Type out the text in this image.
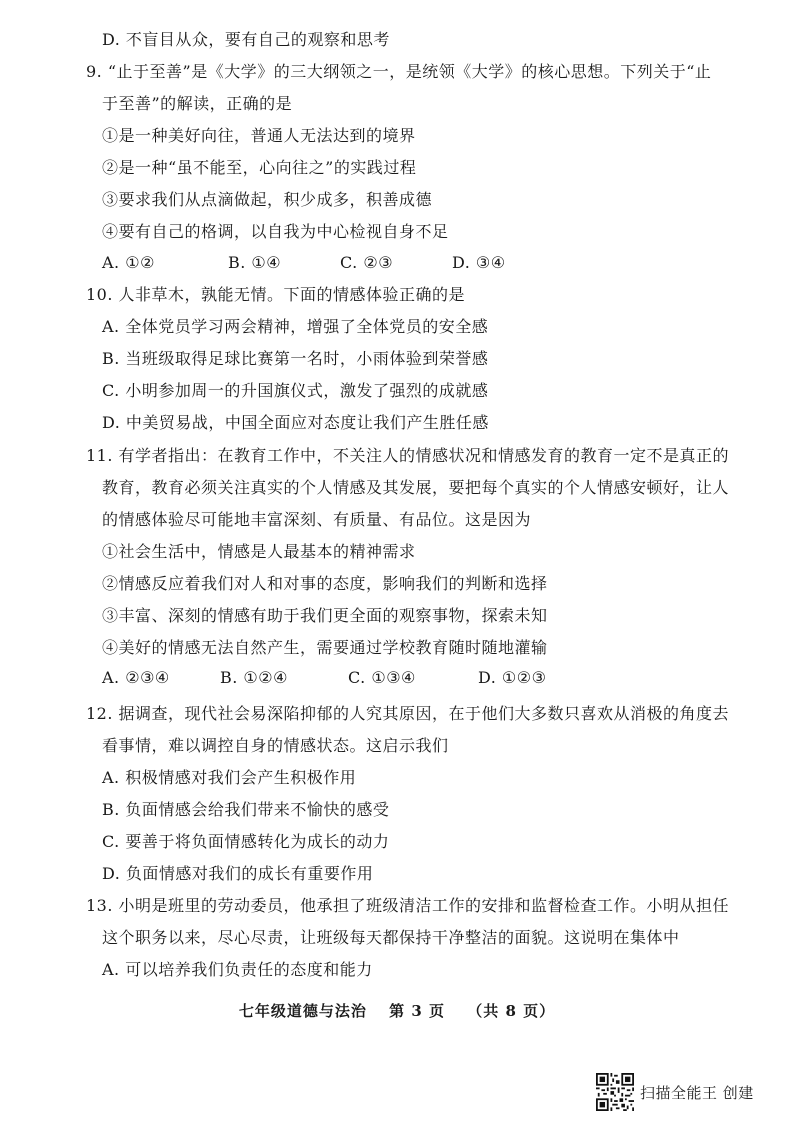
D. 不盲目从众，要有自己的观察和思考
9. “止于至善”是《大学》的三大纲领之一，是统领《大学》的核心思想。下列关于“止
于至善”的解读，正确的是
①是一种美好向往，普通人无法达到的境界
②是一种“虽不能至，心向往之”的实践过程
③要求我们从点滴做起，积少成多，积善成德
④要有自己的格调，以自我为中心检视自身不足
A. ①②	B. ①④	C. ②③	D. ③④
10. 人非草木，孰能无情。下面的情感体验正确的是
A. 全体党员学习两会精神，增强了全体党员的安全感
B. 当班级取得足球比赛第一名时，小雨体验到荣誉感
C. 小明参加周一的升国旗仪式，激发了强烈的成就感
D. 中美贸易战，中国全面应对态度让我们产生胜任感
11. 有学者指出：在教育工作中，不关注人的情感状况和情感发育的教育一定不是真正的
教育，教育必须关注真实的个人情感及其发展，要把每个真实的个人情感安顿好，让人
的情感体验尽可能地丰富深刻、有质量、有品位。这是因为
①社会生活中，情感是人最基本的精神需求
②情感反应着我们对人和对事的态度，影响我们的判断和选择
③丰富、深刻的情感有助于我们更全面的观察事物，探索未知
④美好的情感无法自然产生，需要通过学校教育随时随地灌输
A. ②③④	B. ①②④	C. ①③④	D. ①②③
12. 据调查，现代社会易深陷抑郁的人究其原因，在于他们大多数只喜欢从消极的角度去
看事情，难以调控自身的情感状态。这启示我们
A. 积极情感对我们会产生积极作用
B. 负面情感会给我们带来不愉快的感受
C. 要善于将负面情感转化为成长的动力
D. 负面情感对我们的成长有重要作用
13. 小明是班里的劳动委员，他承担了班级清洁工作的安排和监督检查工作。小明从担任
这个职务以来，尽心尽责，让班级每天都保持干净整洁的面貌。这说明在集体中
A. 可以培养我们负责任的态度和能力
七年级道德与法治 第 3 页 （共 8 页）
扫描全能王 创建
